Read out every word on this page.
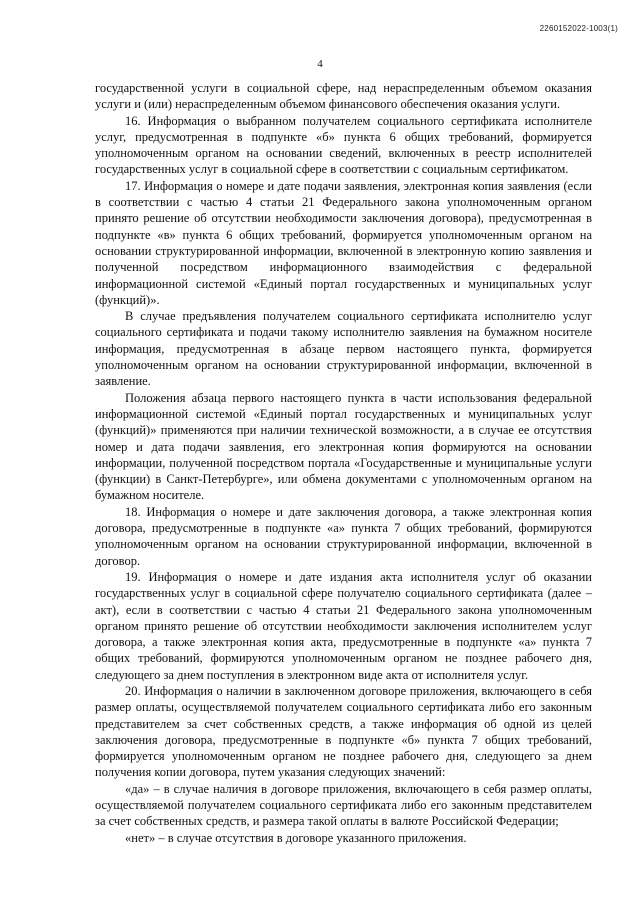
2260152022-1003(1)
4

государственной услуги в социальной сфере, над нераспределенным объемом оказания услуги и (или) нераспределенным объемом финансового обеспечения оказания услуги.

16. Информация о выбранном получателем социального сертификата исполнителе услуг, предусмотренная в подпункте «б» пункта 6 общих требований, формируется уполномоченным органом на основании сведений, включенных в реестр исполнителей государственных услуг в социальной сфере в соответствии с социальным сертификатом.

17. Информация о номере и дате подачи заявления, электронная копия заявления (если в соответствии с частью 4 статьи 21 Федерального закона уполномоченным органом принято решение об отсутствии необходимости заключения договора), предусмотренная в подпункте «в» пункта 6 общих требований, формируется уполномоченным органом на основании структурированной информации, включенной в электронную копию заявления и полученной посредством информационного взаимодействия с федеральной информационной системой «Единый портал государственных и муниципальных услуг (функций)».

В случае предъявления получателем социального сертификата исполнителю услуг социального сертификата и подачи такому исполнителю заявления на бумажном носителе информация, предусмотренная в абзаце первом настоящего пункта, формируется уполномоченным органом на основании структурированной информации, включенной в заявление.

Положения абзаца первого настоящего пункта в части использования федеральной информационной системой «Единый портал государственных и муниципальных услуг (функций)» применяются при наличии технической возможности, а в случае ее отсутствия номер и дата подачи заявления, его электронная копия формируются на основании информации, полученной посредством портала «Государственные и муниципальные услуги (функции) в Санкт-Петербурге», или обмена документами с уполномоченным органом на бумажном носителе.

18. Информация о номере и дате заключения договора, а также электронная копия договора, предусмотренные в подпункте «а» пункта 7 общих требований, формируются уполномоченным органом на основании структурированной информации, включенной в договор.

19. Информация о номере и дате издания акта исполнителя услуг об оказании государственных услуг в социальной сфере получателю социального сертификата (далее – акт), если в соответствии с частью 4 статьи 21 Федерального закона уполномоченным органом принято решение об отсутствии необходимости заключения исполнителем услуг договора, а также электронная копия акта, предусмотренные в подпункте «а» пункта 7 общих требований, формируются уполномоченным органом не позднее рабочего дня, следующего за днем поступления в электронном виде акта от исполнителя услуг.

20. Информация о наличии в заключенном договоре приложения, включающего в себя размер оплаты, осуществляемой получателем социального сертификата либо его законным представителем за счет собственных средств, а также информация об одной из целей заключения договора, предусмотренные в подпункте «б» пункта 7 общих требований, формируется уполномоченным органом не позднее рабочего дня, следующего за днем получения копии договора, путем указания следующих значений:

«да» – в случае наличия в договоре приложения, включающего в себя размер оплаты, осуществляемой получателем социального сертификата либо его законным представителем за счет собственных средств, и размера такой оплаты в валюте Российской Федерации;

«нет» – в случае отсутствия в договоре указанного приложения.
